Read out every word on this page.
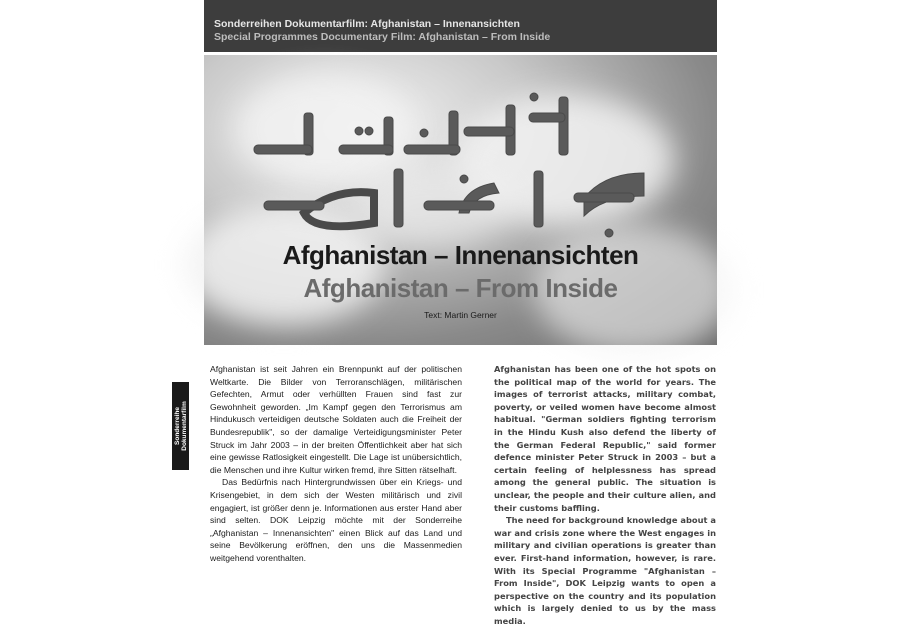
Sonderreihen Dokumentarfilm: Afghanistan – Innenansichten
Special Programmes Documentary Film: Afghanistan – From Inside
Afghanistan – Innenansichten
Afghanistan – From Inside
Text: Martin Gerner
Sonderreihe Dokumentarfilm

Afghanistan ist seit Jahren ein Brennpunkt auf der politischen Weltkarte. Die Bilder von Terroranschlägen, militärischen Gefechten, Armut oder verhüllten Frauen sind fast zur Gewohnheit geworden. „Im Kampf gegen den Terrorismus am Hindukusch verteidigen deutsche Soldaten auch die Freiheit der Bundesrepublik", so der damalige Verteidigungsminister Peter Struck im Jahr 2003 – in der breiten Öffentlichkeit aber hat sich eine gewisse Ratlosigkeit eingestellt. Die Lage ist unübersichtlich, die Menschen und ihre Kultur wirken fremd, ihre Sitten rätselhaft.

Das Bedürfnis nach Hintergrundwissen über ein Kriegs- und Krisengebiet, in dem sich der Westen militärisch und zivil engagiert, ist größer denn je. Informationen aus erster Hand aber sind selten. DOK Leipzig möchte mit der Sonderreihe „Afghanistan – Innenansichten" einen Blick auf das Land und seine Bevölkerung eröffnen, den uns die Massenmedien weitgehend vorenthalten.

Afghanistan has been one of the hot spots on the political map of the world for years. The images of terrorist attacks, military combat, poverty, or veiled women have become almost habitual. "German soldiers fighting terrorism in the Hindu Kush also defend the liberty of the German Federal Republic," said former defence minister Peter Struck in 2003 – but a certain feeling of helplessness has spread among the general public. The situation is unclear, the people and their culture alien, and their customs baffling.

The need for background knowledge about a war and crisis zone where the West engages in military and civilian operations is greater than ever. First-hand information, however, is rare. With its Special Programme "Afghanistan – From Inside", DOK Leipzig wants to open a perspective on the country and its population which is largely denied to us by the mass media.
